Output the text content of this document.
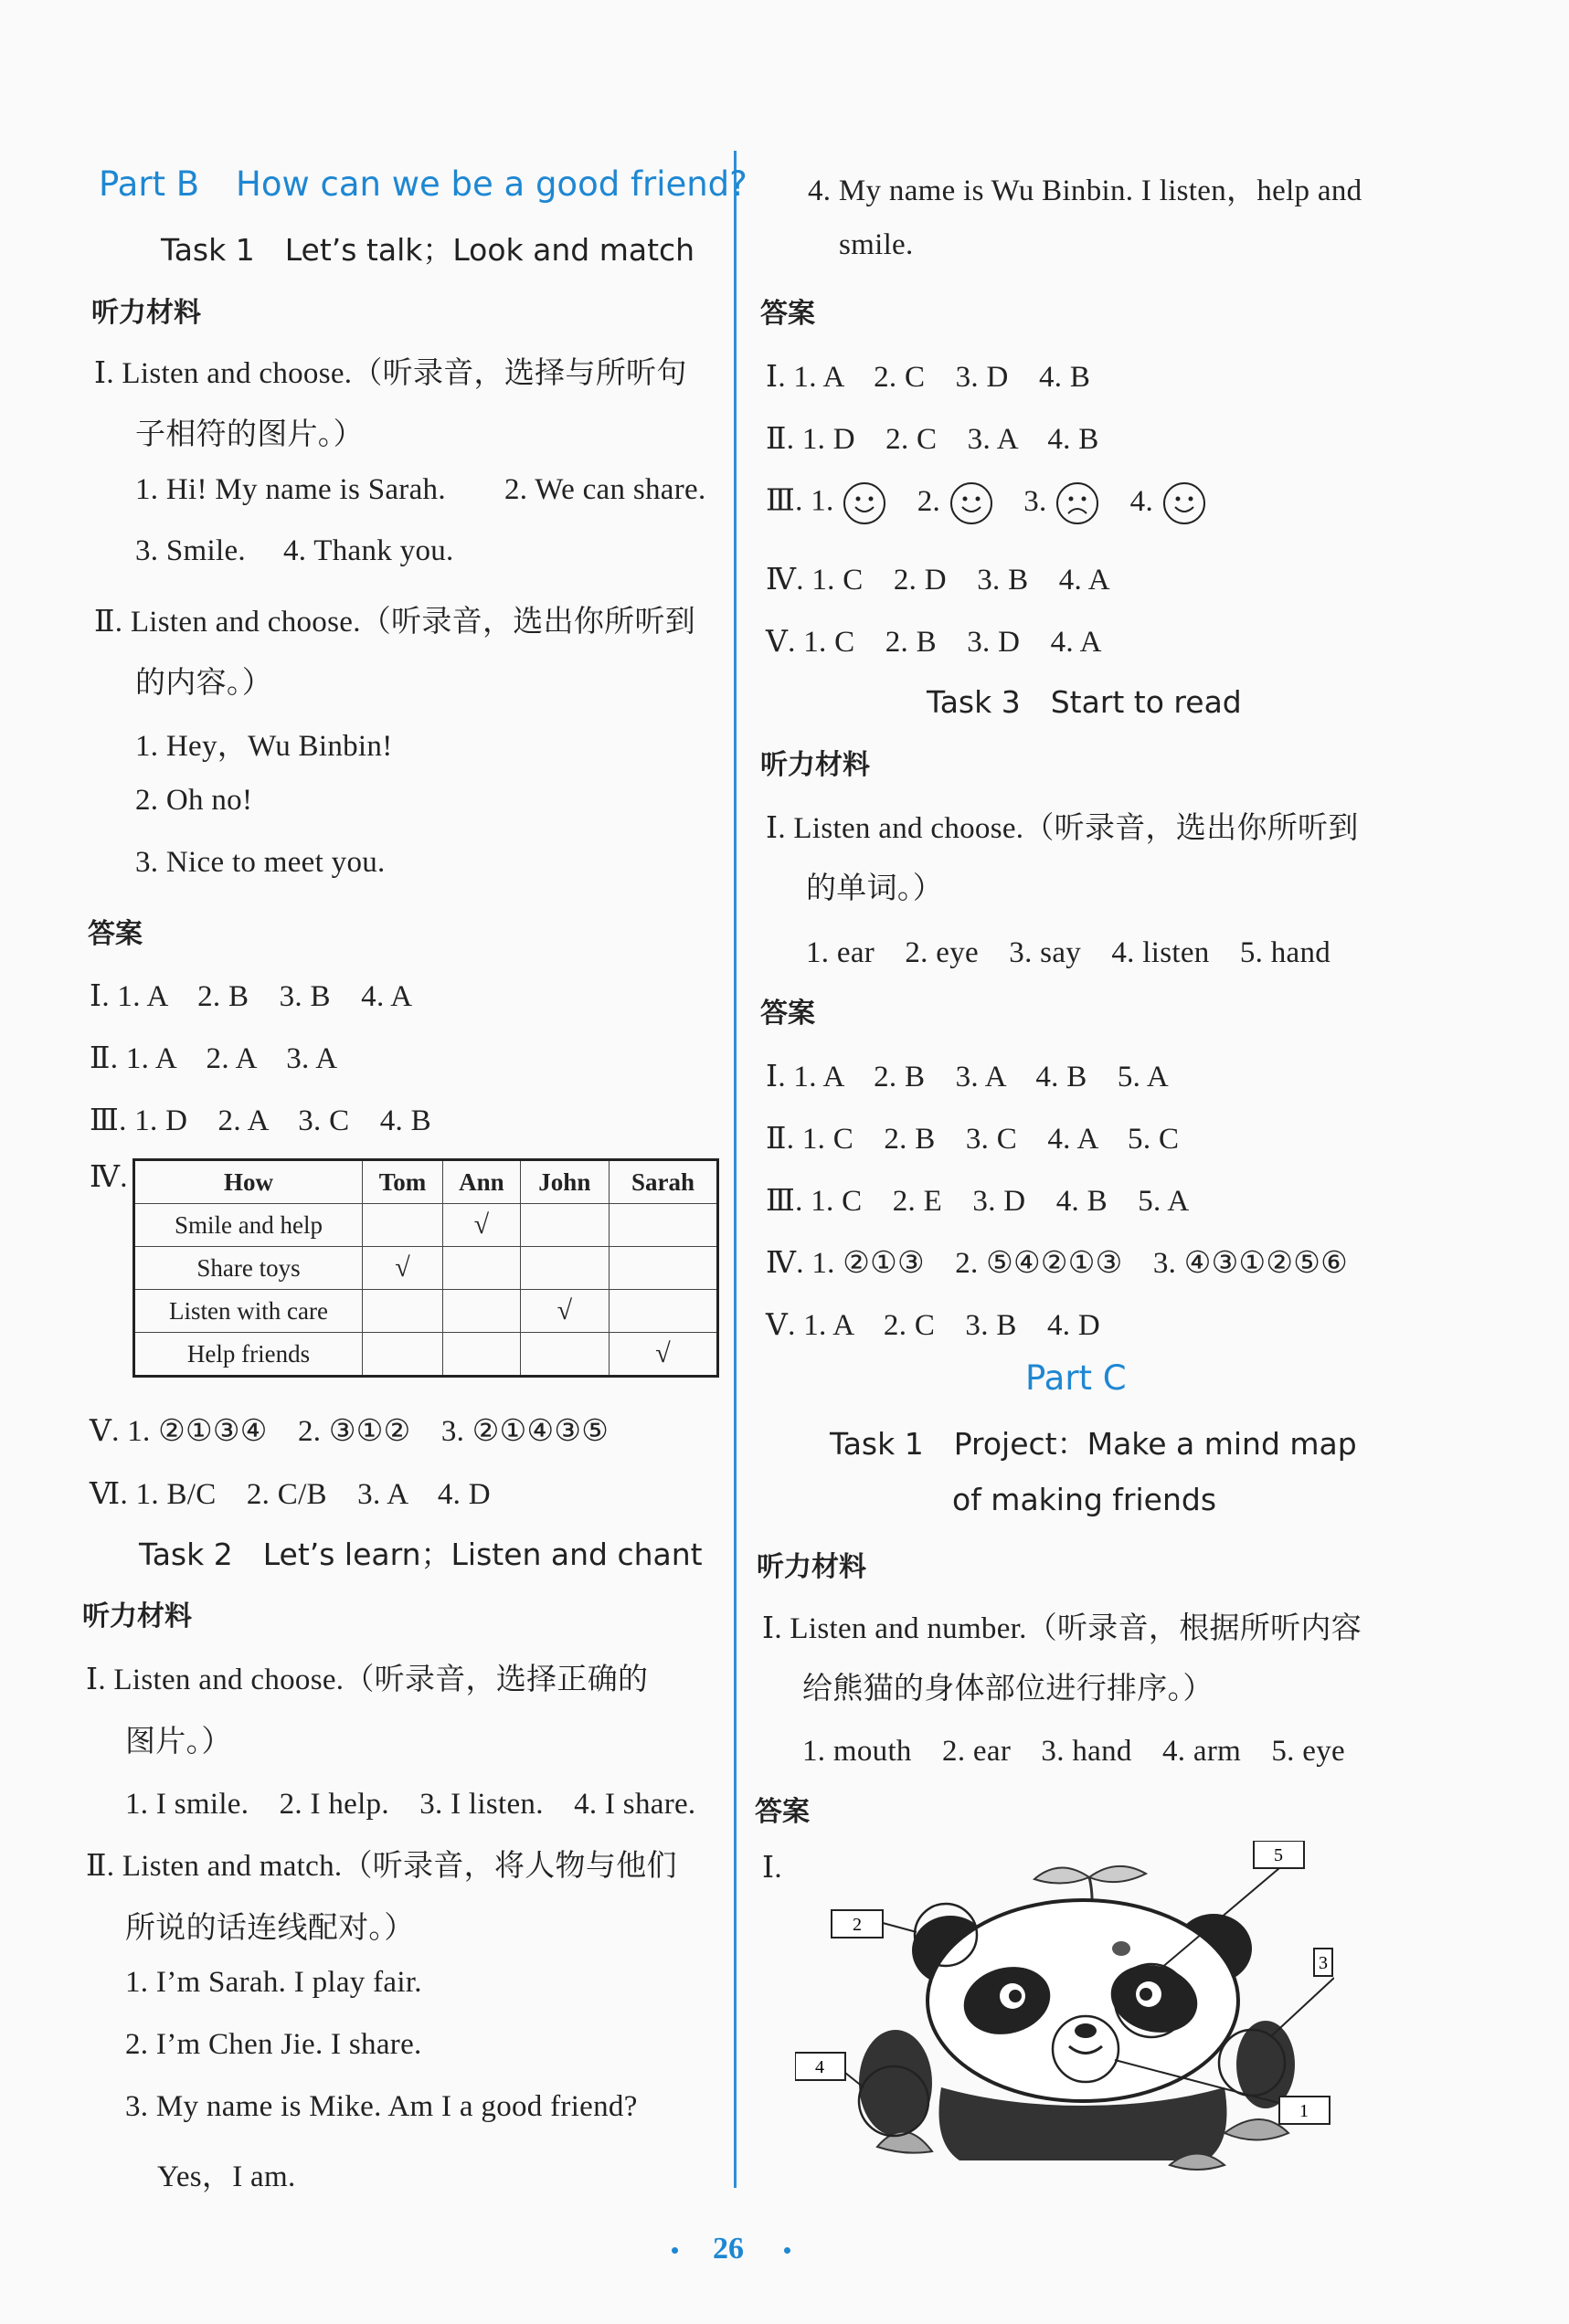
Part B How can we be a good friend?
Task 1　Let’s talk；Look and match
听力材料
Ⅰ. Listen and choose.（听录音，选择与所听句
子相符的图片。）
1. Hi! My name is Sarah. 2. We can share.
3. Smile. 4. Thank you.
Ⅱ. Listen and choose.（听录音，选出你所听到
的内容。）
1. Hey，Wu Binbin!
2. Oh no!
3. Nice to meet you.
答案
Ⅰ. 1. A　2. B　3. B　4. A
Ⅱ. 1. A　2. A　3. A
Ⅲ. 1. D　2. A　3. C　4. B
Ⅳ.	How	Tom	Ann	John	Sarah
Smile and help		√		
Share toys	√			
Listen with care			√	
Help friends				√
Ⅴ. 1. ②①③④　2. ③①②　3. ②①④③⑤
Ⅵ. 1. B/C　2. C/B　3. A　4. D
Task 2　Let’s learn；Listen and chant
听力材料
Ⅰ. Listen and choose.（听录音，选择正确的
图片。）
1. I smile.　2. I help.　3. I listen.　4. I share.
Ⅱ. Listen and match.（听录音，将人物与他们
所说的话连线配对。）
1. I’m Sarah. I play fair.
2. I’m Chen Jie. I share.
3. My name is Mike. Am I a good friend?
Yes，I am.
4. My name is Wu Binbin. I listen，help and
smile.
答案
Ⅰ. 1. A　2. C　3. D　4. B
Ⅱ. 1. D　2. C　3. A　4. B
Ⅲ. 1.	2.	3.	4.
Ⅳ. 1. C　2. D　3. B　4. A
Ⅴ. 1. C　2. B　3. D　4. A
Task 3　Start to read
听力材料
Ⅰ. Listen and choose.（听录音，选出你所听到
的单词。）
1. ear　2. eye　3. say　4. listen　5. hand
答案
Ⅰ. 1. A　2. B　3. A　4. B　5. A
Ⅱ. 1. C　2. B　3. C　4. A　5. C
Ⅲ. 1. C　2. E　3. D　4. B　5. A
Ⅳ. 1. ②①③　2. ⑤④②①③　3. ④③①②⑤⑥
Ⅴ. 1. A　2. C　3. B　4. D
Part C
Task 1　Project：Make a mind map
of making friends
听力材料
Ⅰ. Listen and number.（听录音，根据所听内容
给熊猫的身体部位进行排序。）
1. mouth　2. ear　3. hand　4. arm　5. eye
答案
Ⅰ.	5
2
3
4
1
26
